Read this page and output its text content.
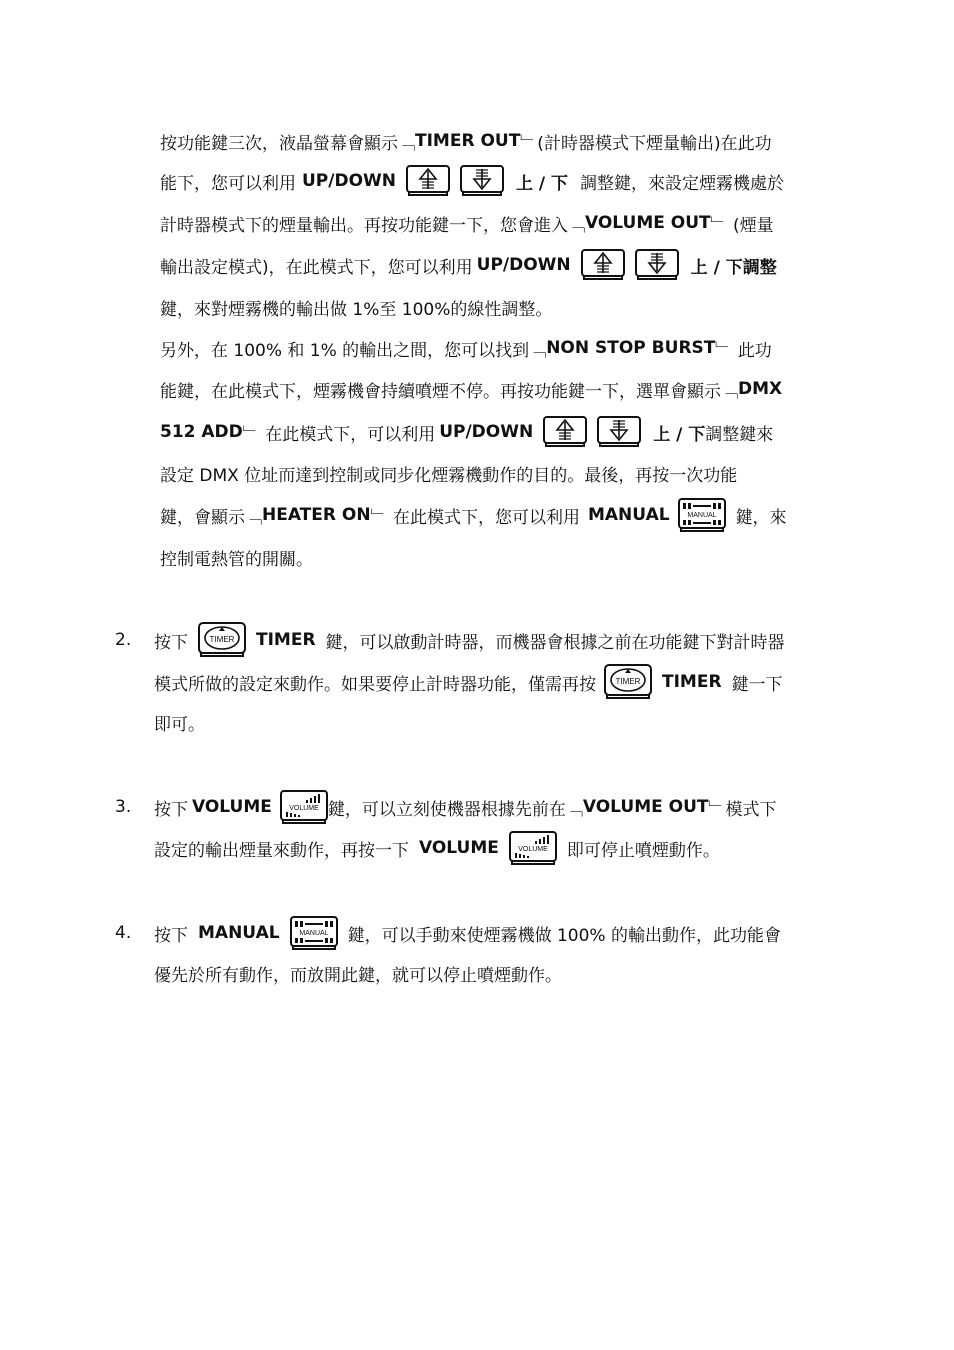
按功能鍵三次，液晶螢幕會顯示﹁ TIMER OUT ﹂(計時器模式下煙量輸出)在此功
能下，您可以利用 UP/DOWN	上 / 下 調整鍵，來設定煙霧機處於
計時器模式下的煙量輸出。再按功能鍵一下，您會進入﹁ VOLUME OUT ﹂ (煙量
輸出設定模式)，在此模式下，您可以利用 UP/DOWN	上 / 下調整
鍵，來對煙霧機的輸出做 1%至 100%的線性調整。
另外，在 100% 和 1% 的輸出之間，您可以找到﹁ NON STOP BURST ﹂ 此功
能鍵，在此模式下，煙霧機會持續噴煙不停。再按功能鍵一下，選單會顯示﹁ DMX
512 ADD ﹂ 在此模式下，可以利用 UP/DOWN	上 / 下 調整鍵來
設定 DMX 位址而達到控制或同步化煙霧機動作的目的。最後，再按一次功能
鍵，會顯示﹁ HEATER ON ﹂ 在此模式下，您可以利用 MANUAL	鍵，來
控制電熱管的開關。
2. 按下	TIMER 鍵，可以啟動計時器，而機器會根據之前在功能鍵下對計時器
模式所做的設定來動作。如果要停止計時器功能，僅需再按	TIMER 鍵一下
即可。
3. 按下 VOLUME	鍵，可以立刻使機器根據先前在﹁ VOLUME OUT ﹂模式下
設定的輸出煙量來動作，再按一下 VOLUME	即可停止噴煙動作。
4. 按下 MANUAL	鍵，可以手動來使煙霧機做 100% 的輸出動作，此功能會
優先於所有動作，而放開此鍵，就可以停止噴煙動作。
